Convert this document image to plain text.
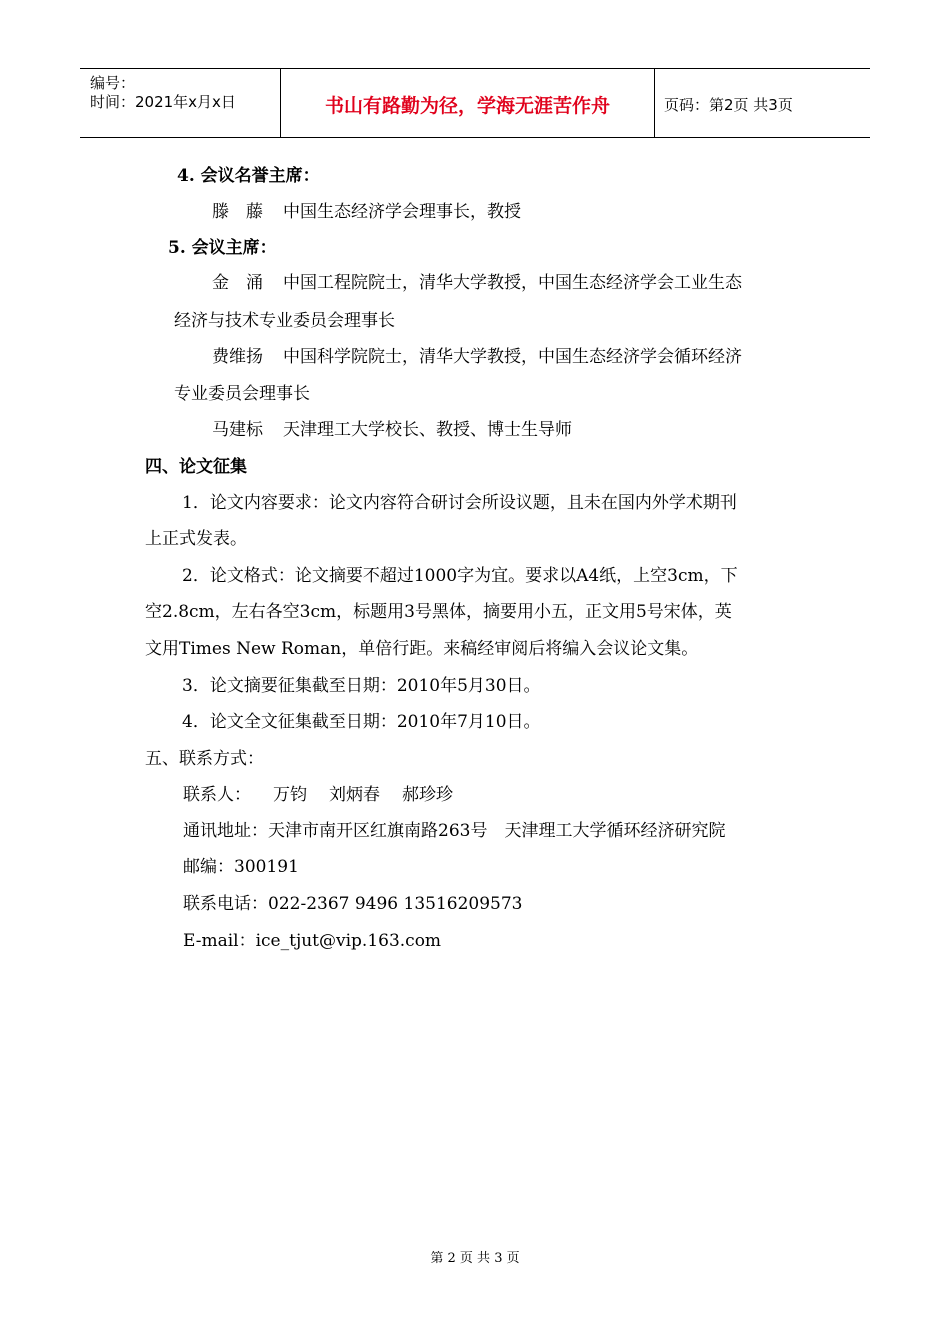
编号：
时间：2021年x月x日	书山有路勤为径，学海无涯苦作舟	页码：第2页 共3页
4. 会议名誉主席：
滕　藤 中国生态经济学会理事长，教授
5. 会议主席：
金　涌 中国工程院院士，清华大学教授，中国生态经济学会工业生态
经济与技术专业委员会理事长
费维扬 中国科学院院士，清华大学教授，中国生态经济学会循环经济
专业委员会理事长
马建标 天津理工大学校长、教授、博士生导师
四、论文征集
1．论文内容要求：论文内容符合研讨会所设议题，且未在国内外学术期刊
上正式发表。
2．论文格式：论文摘要不超过1000字为宜。要求以A4纸，上空3cm，下
空2.8cm，左右各空3cm，标题用3号黑体，摘要用小五，正文用5号宋体，英
文用Times New Roman，单倍行距。来稿经审阅后将编入会议论文集。
3．论文摘要征集截至日期：2010年5月30日。
4．论文全文征集截至日期：2010年7月10日。
五、联系方式：
联系人： 万钧 刘炳春 郝珍珍
通讯地址：天津市南开区红旗南路263号　天津理工大学循环经济研究院
邮编：300191
联系电话：022-2367 9496 13516209573
E-mail：ice_tjut@vip.163.com
第 2 页 共 3 页
